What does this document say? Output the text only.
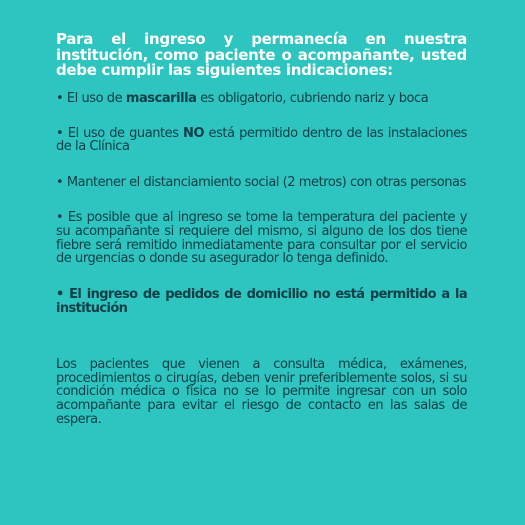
Para el ingreso y permanecía en nuestra institución, como paciente o acompañante, usted debe cumplir las siguientes indicaciones:

• El uso de mascarilla es obligatorio, cubriendo nariz y boca

• El uso de guantes NO está permitido dentro de las instalaciones de la Clínica

• Mantener el distanciamiento social (2 metros) con otras personas

• Es posible que al ingreso se tome la temperatura del paciente y su acompañante si requiere del mismo, si alguno de los dos tiene fiebre será remitido inmediatamente para consultar por el servicio de urgencias o donde su asegurador lo tenga definido.

• El ingreso de pedidos de domicilio no está permitido a la institución

Los pacientes que vienen a consulta médica, exámenes, procedimientos o cirugías, deben venir preferiblemente solos, si su condición médica o física no se lo permite ingresar con un solo acompañante para evitar el riesgo de contacto en las salas de espera.
